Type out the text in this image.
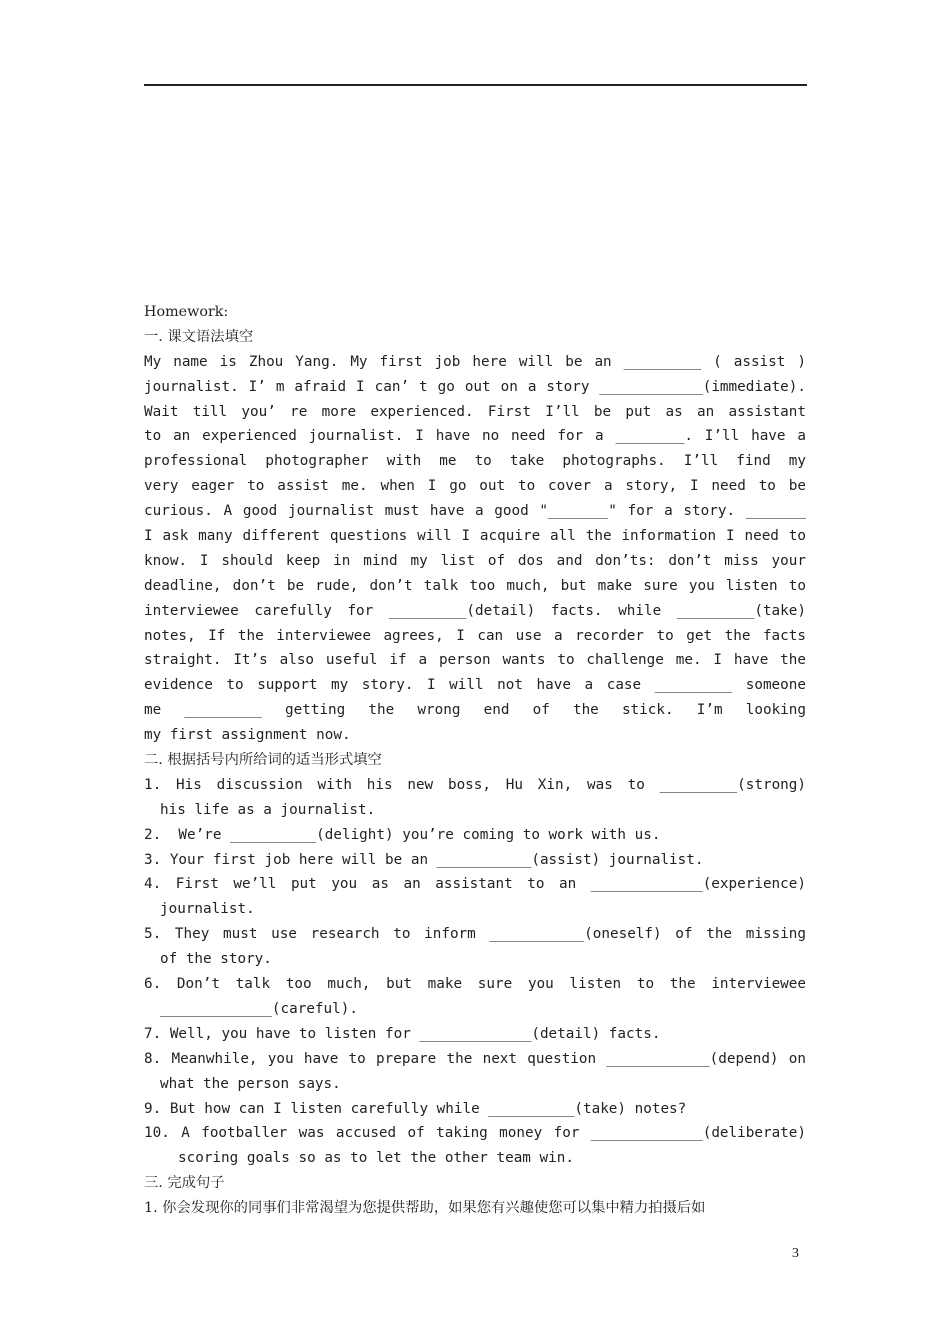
Homework:
一. 课文语法填空
My name is Zhou Yang. My first job here will be an _________ ( assist )
journalist. I’ m afraid I can’ t go out on a story ____________(immediate).
Wait till you’ re more experienced. First I’ll be put as an assistant
to an experienced journalist. I have no need for a ________. I’ll have a
professional photographer with me to take photographs. I’ll find my
very eager to assist me. when I go out to cover a story, I need to be
curious. A good journalist must have a good "_______" for a story. _______
I ask many different questions will I acquire all the information I need to
know. I should keep in mind my list of dos and don’ts: don’t miss your
deadline, don’t be rude, don’t talk too much, but make sure you listen to
interviewee carefully for _________(detail) facts. while _________(take)
notes, If the interviewee agrees, I can use a recorder to get the facts
straight. It’s also useful if a person wants to challenge me. I have the
evidence to support my story. I will not have a case _________ someone
me _________ getting the wrong end of the stick. I’m looking
my first assignment now.
二. 根据括号内所给词的适当形式填空
1. His discussion with his new boss, Hu Xin, was to _________(strong)
his life as a journalist.
2.  We’re __________(delight) you’re coming to work with us.
3. Your first job here will be an ___________(assist) journalist.
4. First we’ll put you as an assistant to an _____________(experience)
journalist.
5. They must use research to inform ___________(oneself) of the missing
of the story.
6. Don’t talk too much, but make sure you listen to the interviewee
_____________(careful).
7. Well, you have to listen for _____________(detail) facts.
8. Meanwhile, you have to prepare the next question ____________(depend) on
what the person says.
9. But how can I listen carefully while __________(take) notes?
10. A footballer was accused of taking money for _____________(deliberate)
scoring goals so as to let the other team win.
三. 完成句子
1. 你会发现你的同事们非常渴望为您提供帮助，如果您有兴趣使您可以集中精力拍摄后如
3
